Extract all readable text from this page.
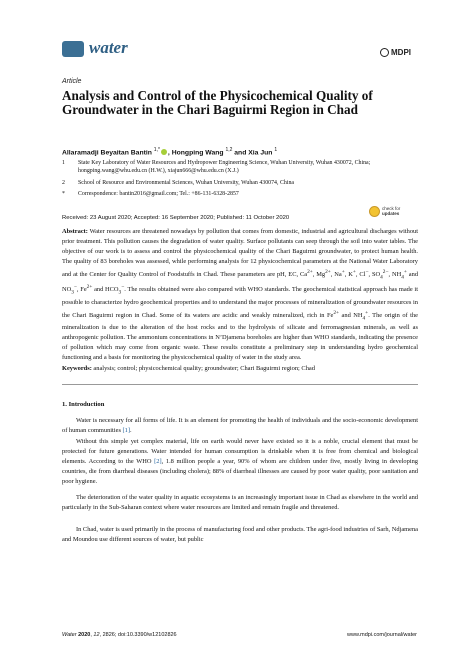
water	MDPI
Article
Analysis and Control of the Physicochemical Quality of Groundwater in the Chari Baguirmi Region in Chad
Allaramadji Beyaitan Bantin $^{1,*}$ , Hongping Wang $^{1,2}$ and Xia Jun $^1$
1 State Key Laboratory of Water Resources and Hydropower Engineering Science, Wuhan University, Wuhan 430072, China; hongping.wang@whu.edu.cn (H.W.), xiajun666@whu.edu.cn (X.J.)
2 School of Resource and Environmental Sciences, Wuhan University, Wuhan 430074, China
* Correspondence: bantin2016@gmail.com; Tel.: +86-131-6328-2857
Received: 23 August 2020; Accepted: 16 September 2020; Published: 11 October 2020
check for
updates
Abstract: Water resources are threatened nowadays by pollution that comes from domestic, industrial and agricultural discharges without prior treatment. This pollution causes the degradation of water quality. Surface pollutants can seep through the soil into water tables. The objective of our work is to assess and control the physicochemical quality of the Chari Baguirmi groundwater, to protect human health. The quality of 83 boreholes was assessed, while performing analysis for 12 physicochemical parameters at the National Water Laboratory and at the Center for Quality Control of Foodstuffs in Chad. These parameters are pH, EC, $Ca^{2+}$, $Mg^{2+}$, Na+, K+, Cl−, $SO_4^{2-}$, $NH_4^+$ and $NO_3^-$, $Fe^{2+}$ and $HCO_3^-$. The results obtained were also compared with WHO standards. The geochemical statistical approach has made it possible to characterize hydro geochemical properties and to understand the major processes of mineralization of groundwater resources in the Chari Baguirmi region in Chad. Some of its waters are acidic and weakly mineralized, rich in $Fe^{2+}$ and $NH_4^+$. The origin of the mineralization is due to the alteration of the host rocks and to the hydrolysis of silicate and ferromagnesian minerals, as well as anthropogenic pollution. The ammonium concentrations in N’Djamena boreholes are higher than WHO standards, indicating the presence of pollution which may come from organic waste. These results constitute a preliminary step in understanding hydro geochemical functioning and a basis for monitoring the physicochemical quality of water in the study area.
Keywords: analysis; control; physicochemical quality; groundwater; Chari Baguirmi region; Chad
1. Introduction
Water is necessary for all forms of life. It is an element for promoting the health of individuals and the socio-economic development of human communities [1].
Without this simple yet complex material, life on earth would never have existed so it is a noble, crucial element that must be protected for future generations. Water intended for human consumption is drinkable when it is free from chemical and biological elements. According to the WHO [2], 1.8 million people a year, 90% of whom are children under five, mostly living in developing countries, die from diarrheal diseases (including cholera); 88% of diarrheal illnesses are caused by poor water quality, poor sanitation and poor hygiene.
The deterioration of the water quality in aquatic ecosystems is an increasingly important issue in Chad as elsewhere in the world and particularly in the Sub-Saharan context where water resources are limited and remain fragile and threatened.
In Chad, water is used primarily in the process of manufacturing food and other products. The agri-food industries of Sarh, Ndjamena and Moundou use different sources of water, but public
Water 2020, 12, 2826; doi:10.3390/w12102826	www.mdpi.com/journal/water
